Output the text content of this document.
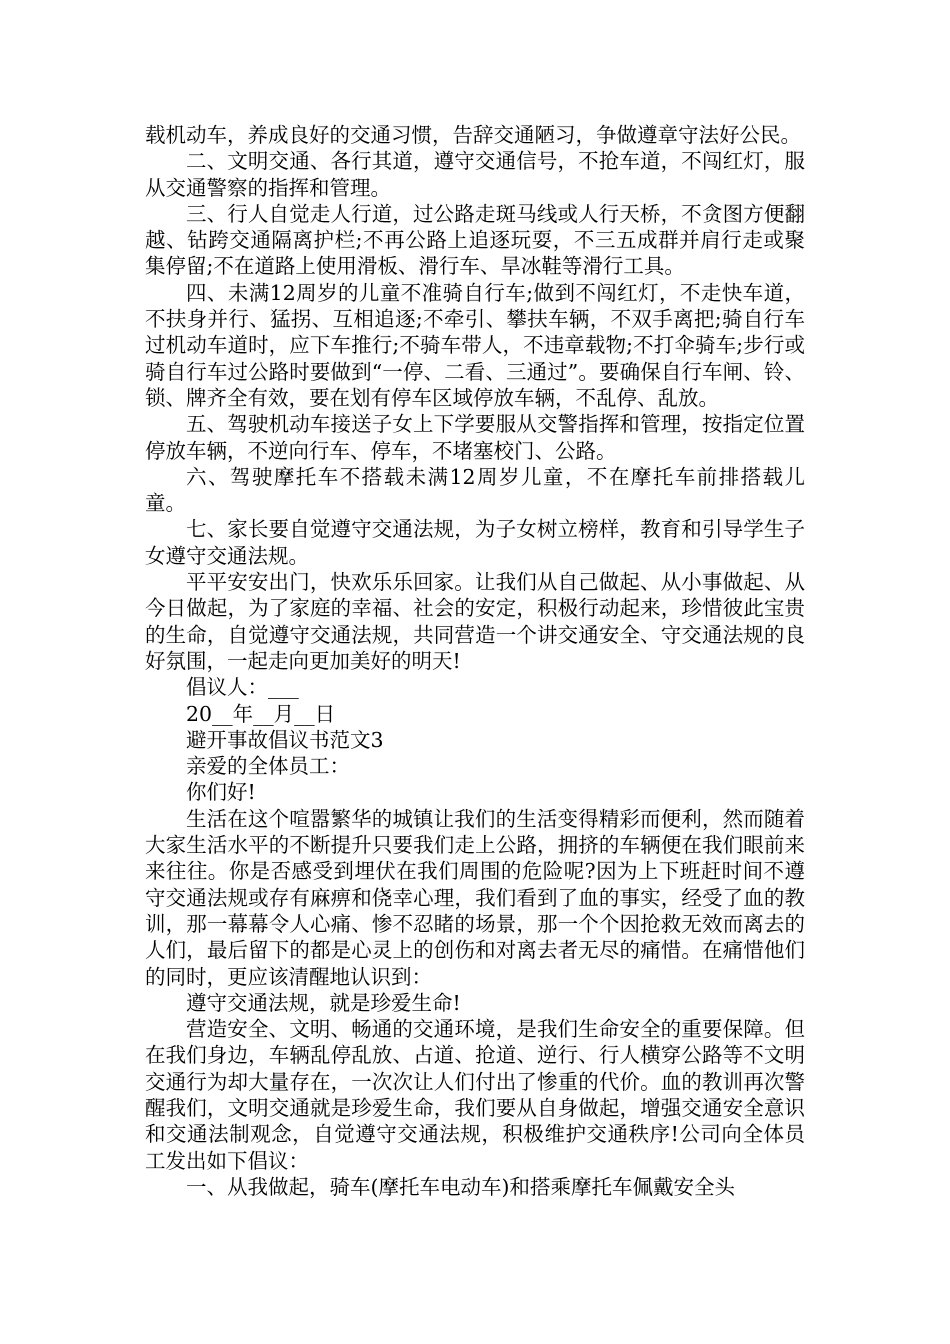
载机动车，养成良好的交通习惯，告辞交通陋习，争做遵章守法好公民。

二、文明交通、各行其道，遵守交通信号，不抢车道，不闯红灯，服从交通警察的指挥和管理。

三、行人自觉走人行道，过公路走斑马线或人行天桥，不贪图方便翻越、钻跨交通隔离护栏;不再公路上追逐玩耍，不三五成群并肩行走或聚集停留;不在道路上使用滑板、滑行车、旱冰鞋等滑行工具。

四、未满12周岁的儿童不准骑自行车;做到不闯红灯，不走快车道，不扶身并行、猛拐、互相追逐;不牵引、攀扶车辆，不双手离把;骑自行车过机动车道时，应下车推行;不骑车带人，不违章载物;不打伞骑车;步行或骑自行车过公路时要做到“一停、二看、三通过”。要确保自行车闸、铃、锁、牌齐全有效，要在划有停车区域停放车辆，不乱停、乱放。

五、驾驶机动车接送子女上下学要服从交警指挥和管理，按指定位置停放车辆，不逆向行车、停车，不堵塞校门、公路。

六、驾驶摩托车不搭载未满12周岁儿童，不在摩托车前排搭载儿童。

七、家长要自觉遵守交通法规，为子女树立榜样，教育和引导学生子女遵守交通法规。

平平安安出门，快欢乐乐回家。让我们从自己做起、从小事做起、从今日做起，为了家庭的幸福、社会的安定，积极行动起来，珍惜彼此宝贵的生命，自觉遵守交通法规，共同营造一个讲交通安全、守交通法规的良好氛围，一起走向更加美好的明天!

倡议人：___

20__年__月__日

避开事故倡议书范文3

亲爱的全体员工：

你们好!

生活在这个喧嚣繁华的城镇让我们的生活变得精彩而便利，然而随着大家生活水平的不断提升只要我们走上公路，拥挤的车辆便在我们眼前来来往往。你是否感受到埋伏在我们周围的危险呢?因为上下班赶时间不遵守交通法规或存有麻痹和侥幸心理，我们看到了血的事实，经受了血的教训，那一幕幕令人心痛、惨不忍睹的场景，那一个个因抢救无效而离去的人们，最后留下的都是心灵上的创伤和对离去者无尽的痛惜。在痛惜他们的同时，更应该清醒地认识到：

遵守交通法规，就是珍爱生命!

营造安全、文明、畅通的交通环境，是我们生命安全的重要保障。但在我们身边，车辆乱停乱放、占道、抢道、逆行、行人横穿公路等不文明交通行为却大量存在，一次次让人们付出了惨重的代价。血的教训再次警醒我们，文明交通就是珍爱生命，我们要从自身做起，增强交通安全意识和交通法制观念，自觉遵守交通法规，积极维护交通秩序!公司向全体员工发出如下倡议：

一、从我做起，骑车(摩托车电动车)和搭乘摩托车佩戴安全头
